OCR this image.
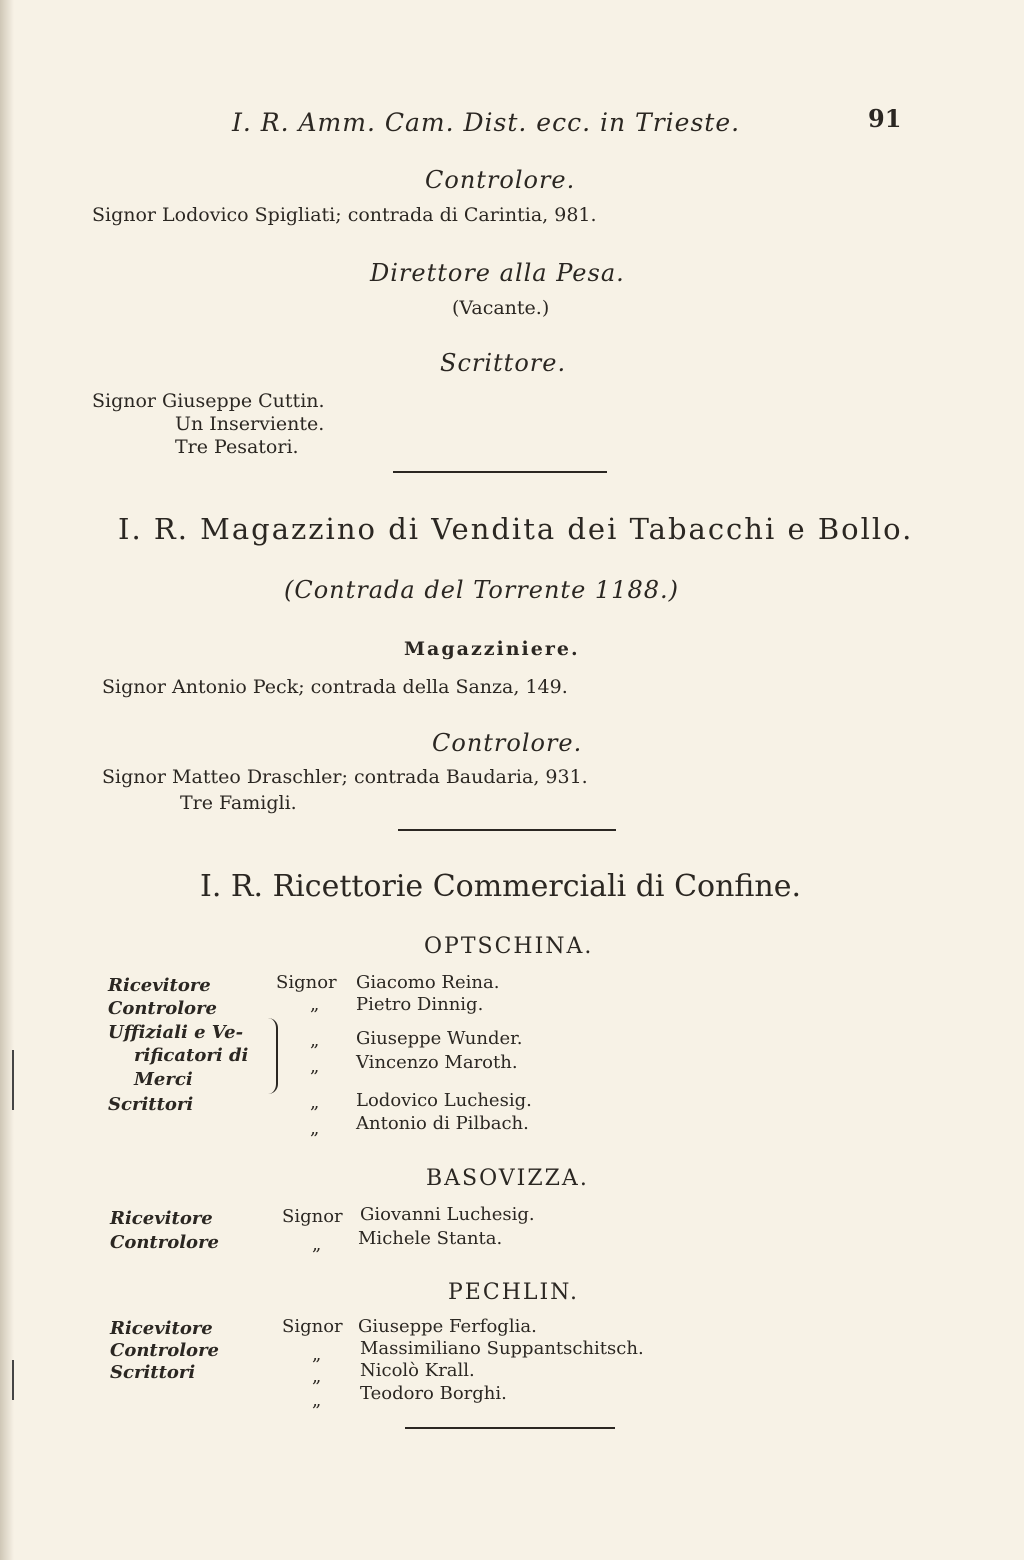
I. R. Amm. Cam. Dist. ecc. in Trieste.	91
Controlore.
Signor Lodovico Spigliati; contrada di Carintia, 981.
Direttore alla Pesa.
(Vacante.)
Scrittore.
Signor Giuseppe Cuttin.
Un Inserviente.
Tre Pesatori.
I. R. Magazzino di Vendita dei Tabacchi e Bollo.
(Contrada del Torrente 1188.)
Magazziniere.
Signor Antonio Peck; contrada della Sanza, 149.
Controlore.
Signor Matteo Draschler; contrada Baudaria, 931.
Tre Famigli.
I. R. Ricettorie Commerciali di Confine.
OPTSCHINA.
Ricevitore
Controlore
Uffiziali e Ve-
rificatori di
Merci
Scrittori
Signor Giacomo Reina.
„ Pietro Dinnig.
„ Giuseppe Wunder.
„ Vincenzo Maroth.
„ Lodovico Luchesig.
„ Antonio di Pilbach.
BASOVIZZA.
Ricevitore
Controlore
Signor Giovanni Luchesig.
„ Michele Stanta.
PECHLIN.
Ricevitore
Controlore
Scrittori
Signor Giuseppe Ferfoglia.
„ Massimiliano Suppantschitsch.
„ Nicolò Krall.
„ Teodoro Borghi.
